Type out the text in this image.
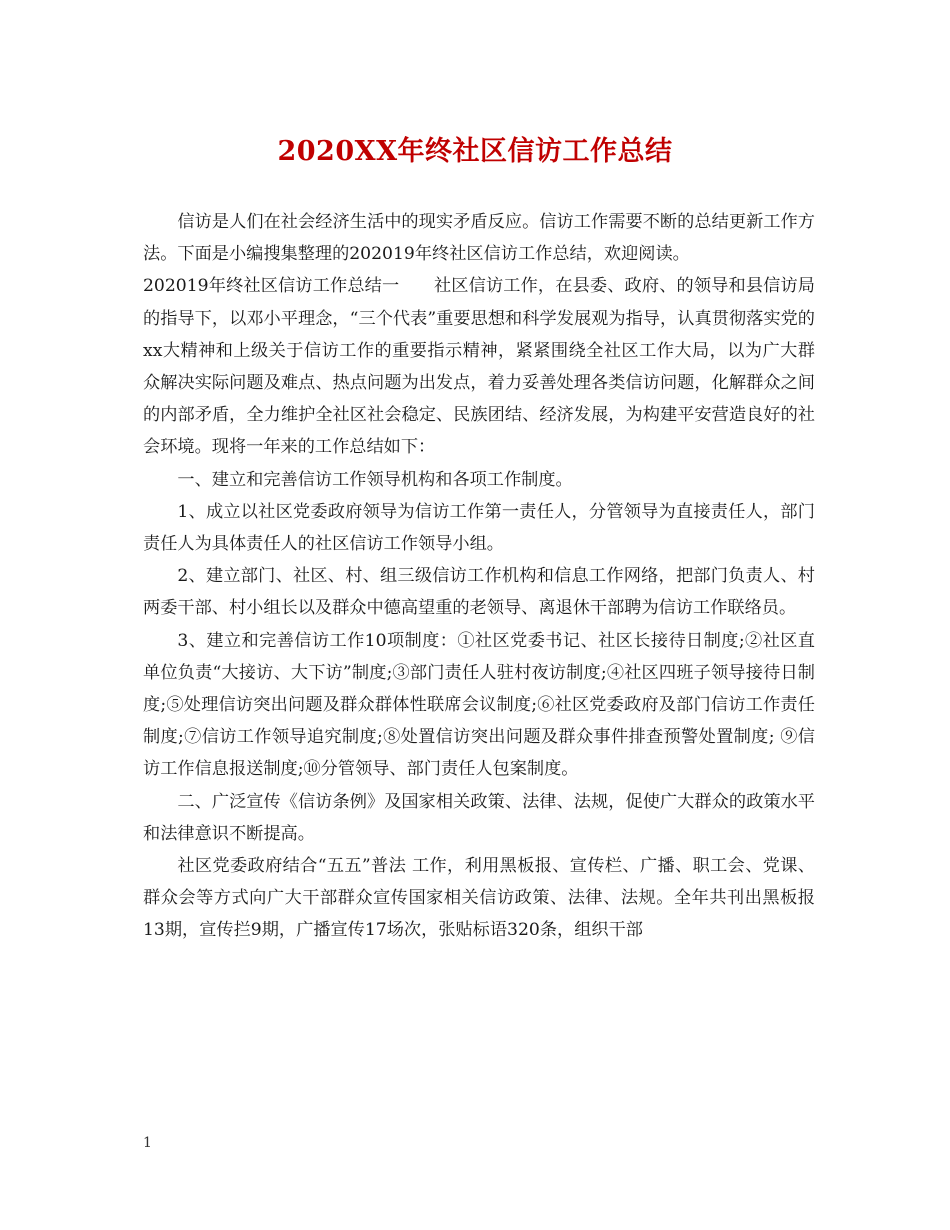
2020XX年终社区信访工作总结

信访是人们在社会经济生活中的现实矛盾反应。信访工作需要不断的总结更新工作方法。下面是小编搜集整理的202019年终社区信访工作总结，欢迎阅读。

202019年终社区信访工作总结一　　社区信访工作，在县委、政府、的领导和县信访局的指导下，以邓小平理念，“三个代表”重要思想和科学发展观为指导，认真贯彻落实党的xx大精神和上级关于信访工作的重要指示精神，紧紧围绕全社区工作大局，以为广大群众解决实际问题及难点、热点问题为出发点，着力妥善处理各类信访问题，化解群众之间的内部矛盾，全力维护全社区社会稳定、民族团结、经济发展，为构建平安营造良好的社会环境。现将一年来的工作总结如下：

一、建立和完善信访工作领导机构和各项工作制度。

1、成立以社区党委政府领导为信访工作第一责任人，分管领导为直接责任人，部门责任人为具体责任人的社区信访工作领导小组。

2、建立部门、社区、村、组三级信访工作机构和信息工作网络，把部门负责人、村两委干部、村小组长以及群众中德高望重的老领导、离退休干部聘为信访工作联络员。

3、建立和完善信访工作10项制度：①社区党委书记、社区长接待日制度;②社区直单位负责“大接访、大下访”制度;③部门责任人驻村夜访制度;④社区四班子领导接待日制度;⑤处理信访突出问题及群众群体性联席会议制度;⑥社区党委政府及部门信访工作责任制度;⑦信访工作领导追究制度;⑧处置信访突出问题及群众事件排查预警处置制度; ⑨信访工作信息报送制度;⑩分管领导、部门责任人包案制度。

二、广泛宣传《信访条例》及国家相关政策、法律、法规，促使广大群众的政策水平和法律意识不断提高。

社区党委政府结合“五五”普法 工作，利用黑板报、宣传栏、广播、职工会、党课、群众会等方式向广大干部群众宣传国家相关信访政策、法律、法规。全年共刊出黑板报13期，宣传拦9期，广播宣传17场次，张贴标语320条，组织干部

1
